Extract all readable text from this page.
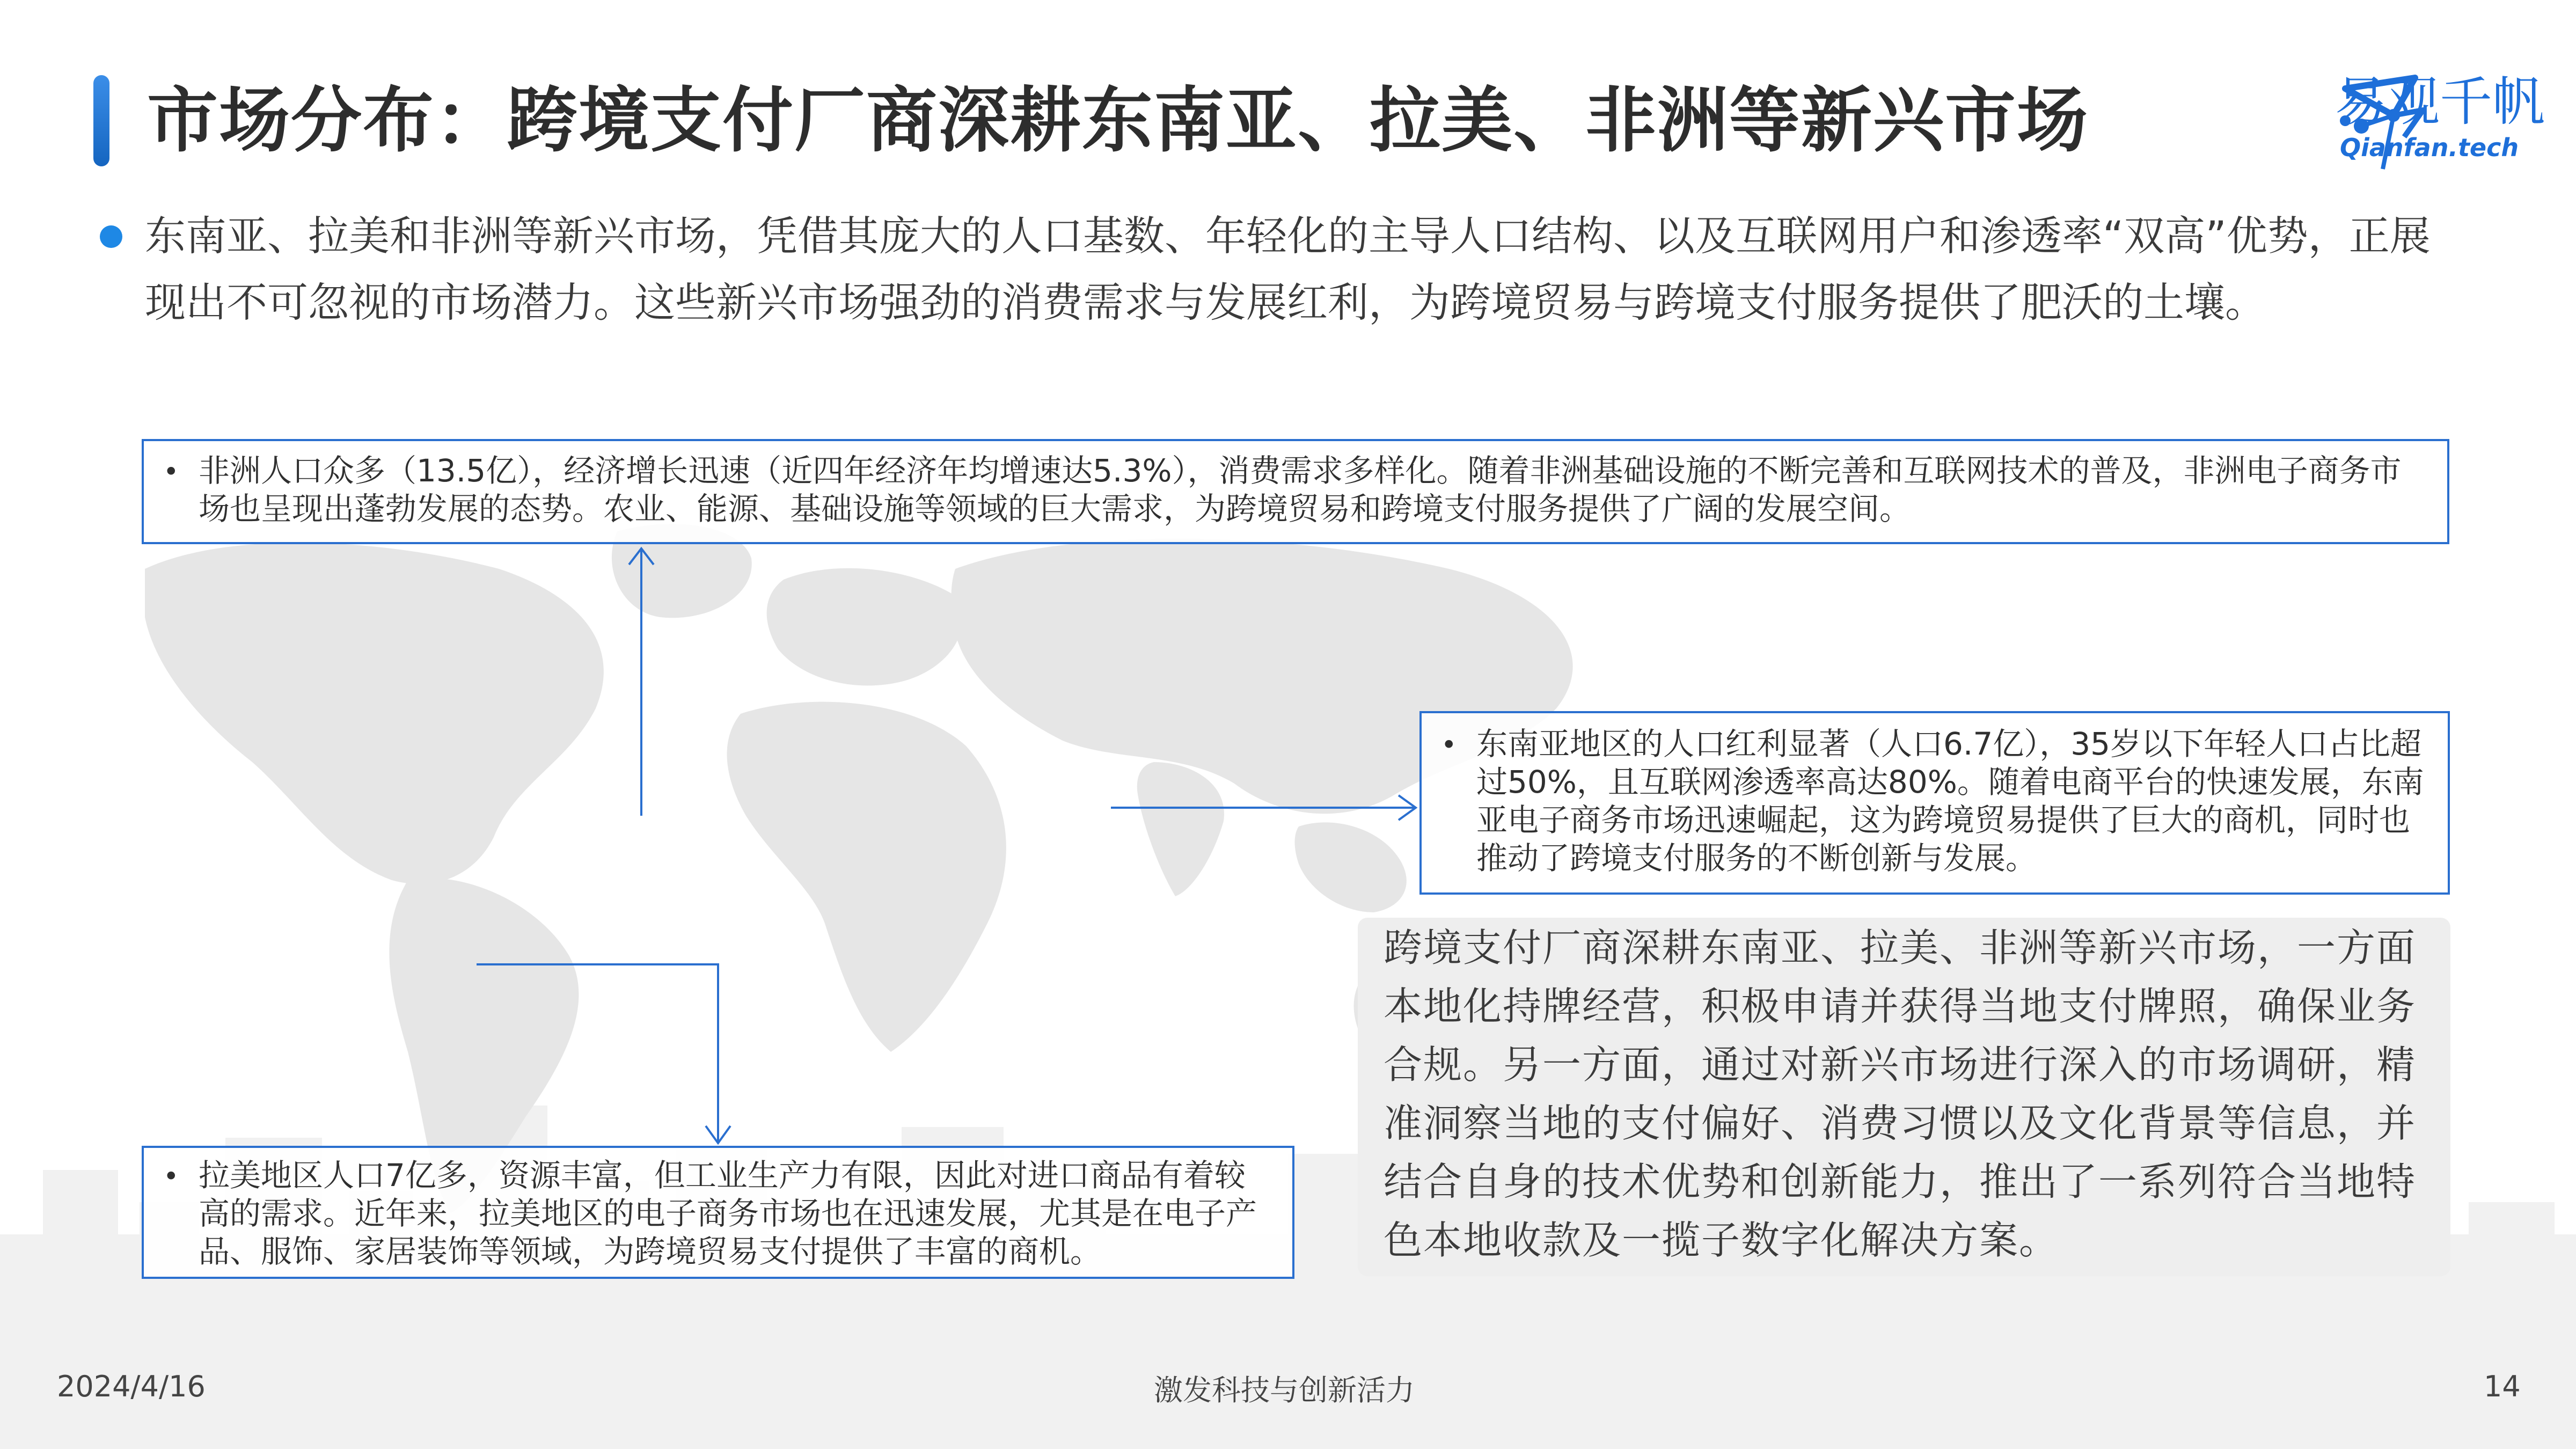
市场分布：跨境支付厂商深耕东南亚、拉美、非洲等新兴市场	易观千帆
Qianfan.tech
东南亚、拉美和非洲等新兴市场，凭借其庞大的人口基数、年轻化的主导人口结构、以及互联网用户和渗透率“双高”优势，正展现出不可忽视的市场潜力。这些新兴市场强劲的消费需求与发展红利，为跨境贸易与跨境支付服务提供了肥沃的土壤。
• 非洲人口众多（13.5亿），经济增长迅速（近四年经济年均增速达5.3%），消费需求多样化。随着非洲基础设施的不断完善和互联网技术的普及，非洲电子商务市场也呈现出蓬勃发展的态势。农业、能源、基础设施等领域的巨大需求，为跨境贸易和跨境支付服务提供了广阔的发展空间。
• 东南亚地区的人口红利显著（人口6.7亿），35岁以下年轻人口占比超过50%，且互联网渗透率高达80%。随着电商平台的快速发展，东南亚电子商务市场迅速崛起，这为跨境贸易提供了巨大的商机，同时也推动了跨境支付服务的不断创新与发展。
跨境支付厂商深耕东南亚、拉美、非洲等新兴市场，一方面本地化持牌经营，积极申请并获得当地支付牌照，确保业务合规。另一方面，通过对新兴市场进行深入的市场调研，精准洞察当地的支付偏好、消费习惯以及文化背景等信息，并结合自身的技术优势和创新能力，推出了一系列符合当地特色本地收款及一揽子数字化解决方案。
• 拉美地区人口7亿多，资源丰富，但工业生产力有限，因此对进口商品有着较高的需求。近年来，拉美地区的电子商务市场也在迅速发展，尤其是在电子产品、服饰、家居装饰等领域，为跨境贸易支付提供了丰富的商机。
2024/4/16	激发科技与创新活力	14
